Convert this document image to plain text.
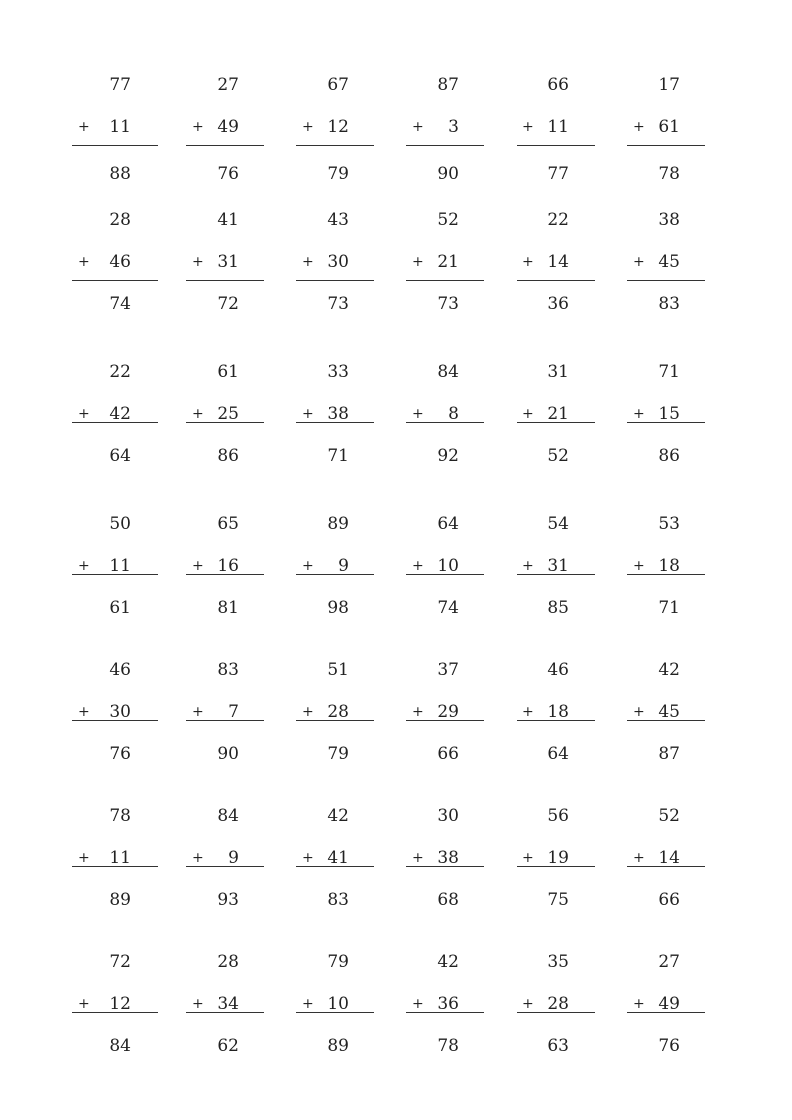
77
+ 11
88
27
+ 49
76
67
+ 12
79
87
+ 3
90
66
+ 11
77
17
+ 61
78
28
+ 46
74
41
+ 31
72
43
+ 30
73
52
+ 21
73
22
+ 14
36
38
+ 45
83
22
+ 42
64
61
+ 25
86
33
+ 38
71
84
+ 8
92
31
+ 21
52
71
+ 15
86
50
+ 11
61
65
+ 16
81
89
+ 9
98
64
+ 10
74
54
+ 31
85
53
+ 18
71
46
+ 30
76
83
+ 7
90
51
+ 28
79
37
+ 29
66
46
+ 18
64
42
+ 45
87
78
+ 11
89
84
+ 9
93
42
+ 41
83
30
+ 38
68
56
+ 19
75
52
+ 14
66
72
+ 12
84
28
+ 34
62
79
+ 10
89
42
+ 36
78
35
+ 28
63
27
+ 49
76
